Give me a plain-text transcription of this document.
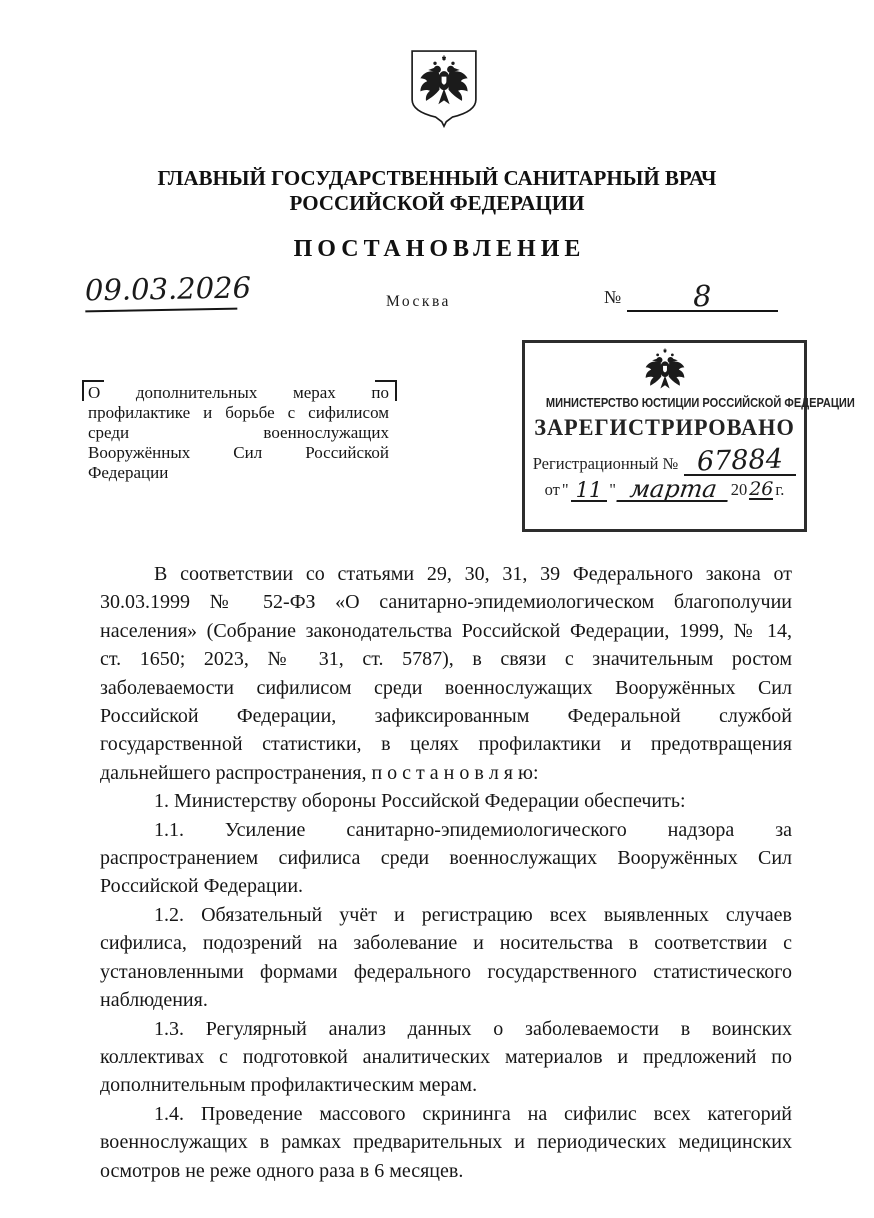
ГЛАВНЫЙ ГОСУДАРСТВЕННЫЙ САНИТАРНЫЙ ВРАЧ
РОССИЙСКОЙ ФЕДЕРАЦИИ
ПОСТАНОВЛЕНИЕ
09.03.2026	Москва	№	8
О дополнительных мерах по
профилактике и борьбе с сифилисом
среди военнослужащих
Вооружённых Сил Российской
Федерации
МИНИСТЕРСТВО ЮСТИЦИИ РОССИЙСКОЙ ФЕДЕРАЦИИ
ЗАРЕГИСТРИРОВАНО
Регистрационный № 67884
от " 11 " марта 20 26 г.
В соответствии со статьями 29, 30, 31, 39 Федерального закона от
30.03.1999 № 52-ФЗ «О санитарно-эпидемиологическом благополучии
населения» (Собрание законодательства Российской Федерации, 1999, № 14,
ст. 1650; 2023, № 31, ст. 5787), в связи с значительным ростом
заболеваемости сифилисом среди военнослужащих Вооружённых Сил
Российской Федерации, зафиксированным Федеральной службой
государственной статистики, в целях профилактики и предотвращения
дальнейшего распространения, п о с т а н о в л я ю:
1. Министерству обороны Российской Федерации обеспечить:
1.1. Усиление санитарно-эпидемиологического надзора за
распространением сифилиса среди военнослужащих Вооружённых Сил
Российской Федерации.
1.2. Обязательный учёт и регистрацию всех выявленных случаев
сифилиса, подозрений на заболевание и носительства в соответствии с
установленными формами федерального государственного статистического
наблюдения.
1.3. Регулярный анализ данных о заболеваемости в воинских
коллективах с подготовкой аналитических материалов и предложений по
дополнительным профилактическим мерам.
1.4. Проведение массового скрининга на сифилис всех категорий
военнослужащих в рамках предварительных и периодических медицинских
осмотров не реже одного раза в 6 месяцев.
